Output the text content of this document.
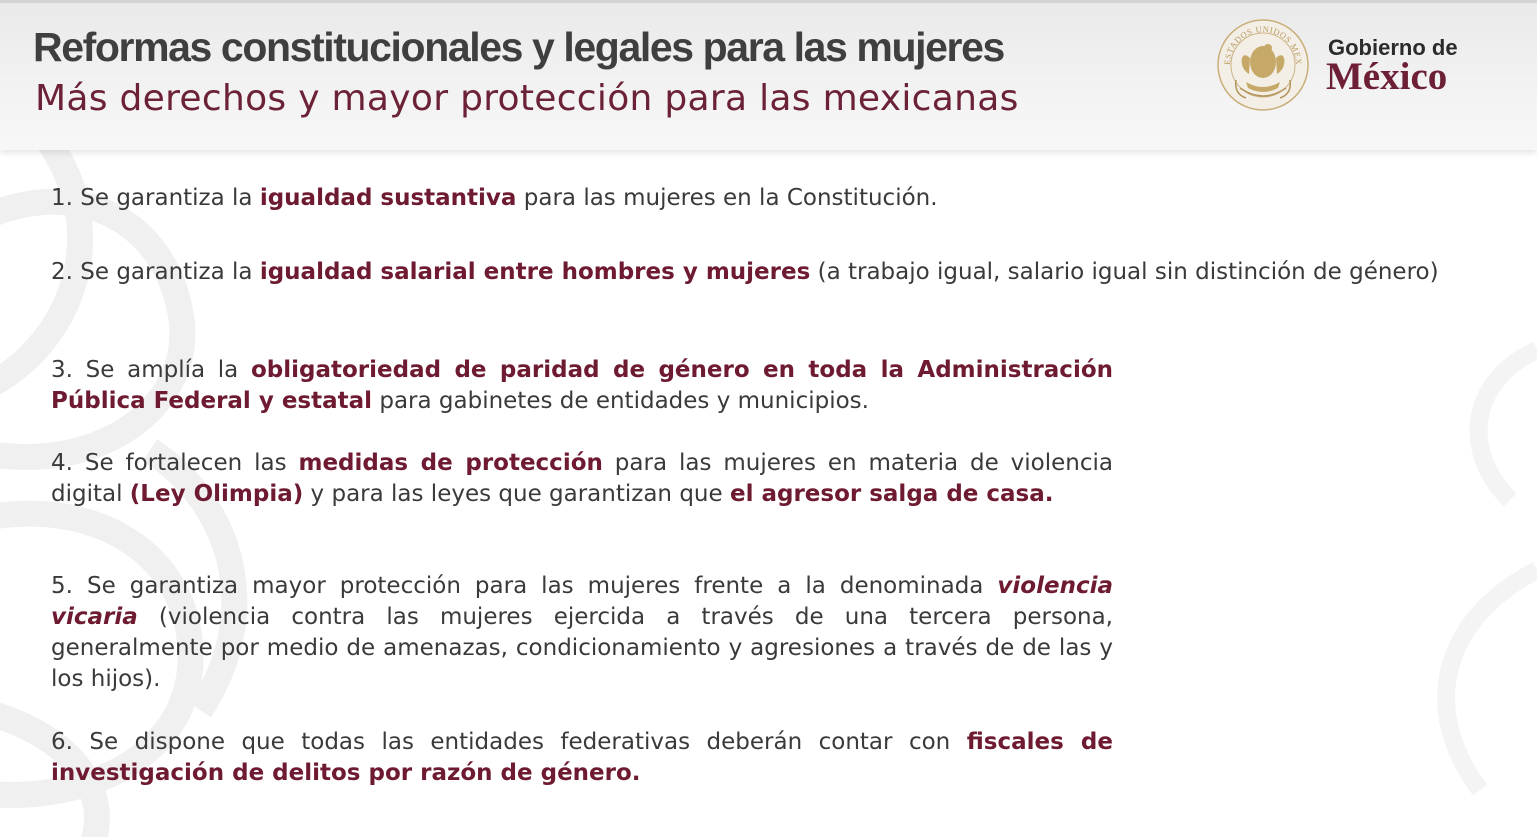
Reformas constitucionales y legales para las mujeres
Más derechos y mayor protección para las mexicanas
ESTADOS UNIDOS MEX
Gobierno de
México

1. Se garantiza la igualdad sustantiva para las mujeres en la Constitución.

2. Se garantiza la igualdad salarial entre hombres y mujeres (a trabajo igual, salario igual sin distinción de género)

3. Se amplía la obligatoriedad de paridad de género en toda la Administración Pública Federal y estatal para gabinetes de entidades y municipios.

4. Se fortalecen las medidas de protección para las mujeres en materia de violencia digital (Ley Olimpia) y para las leyes que garantizan que el agresor salga de casa.

5. Se garantiza mayor protección para las mujeres frente a la denominada violencia vicaria (violencia contra las mujeres ejercida a través de una tercera persona, generalmente por medio de amenazas, condicionamiento y agresiones a través de de las y los hijos).

6. Se dispone que todas las entidades federativas deberán contar con fiscales de investigación de delitos por razón de género.
